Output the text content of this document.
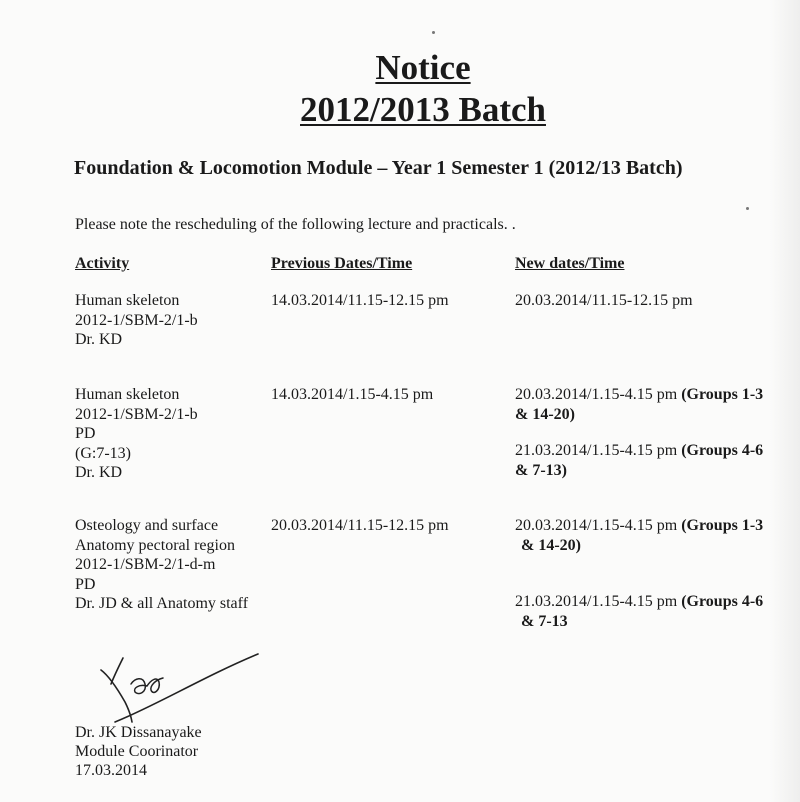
Notice
2012/2013 Batch
Foundation & Locomotion Module – Year 1 Semester 1 (2012/13 Batch)
Please note the rescheduling of the following lecture and practicals. .
Activity	Previous Dates/Time	New dates/Time
Human skeleton
2012-1/SBM-2/1-b
Dr. KD
14.03.2014/11.15-12.15 pm	20.03.2014/11.15-12.15 pm
Human skeleton
2012-1/SBM-2/1-b
PD
(G:7-13)
Dr. KD
14.03.2014/1.15-4.15 pm	20.03.2014/1.15-4.15 pm (Groups 1-3
& 14-20)
21.03.2014/1.15-4.15 pm (Groups 4-6
& 7-13)
Osteology and surface
Anatomy pectoral region
2012-1/SBM-2/1-d-m
PD
Dr. JD & all Anatomy staff
20.03.2014/11.15-12.15 pm	20.03.2014/1.15-4.15 pm (Groups 1-3
& 14-20)
21.03.2014/1.15-4.15 pm (Groups 4-6
& 7-13
Dr. JK Dissanayake
Module Coorinator
17.03.2014
